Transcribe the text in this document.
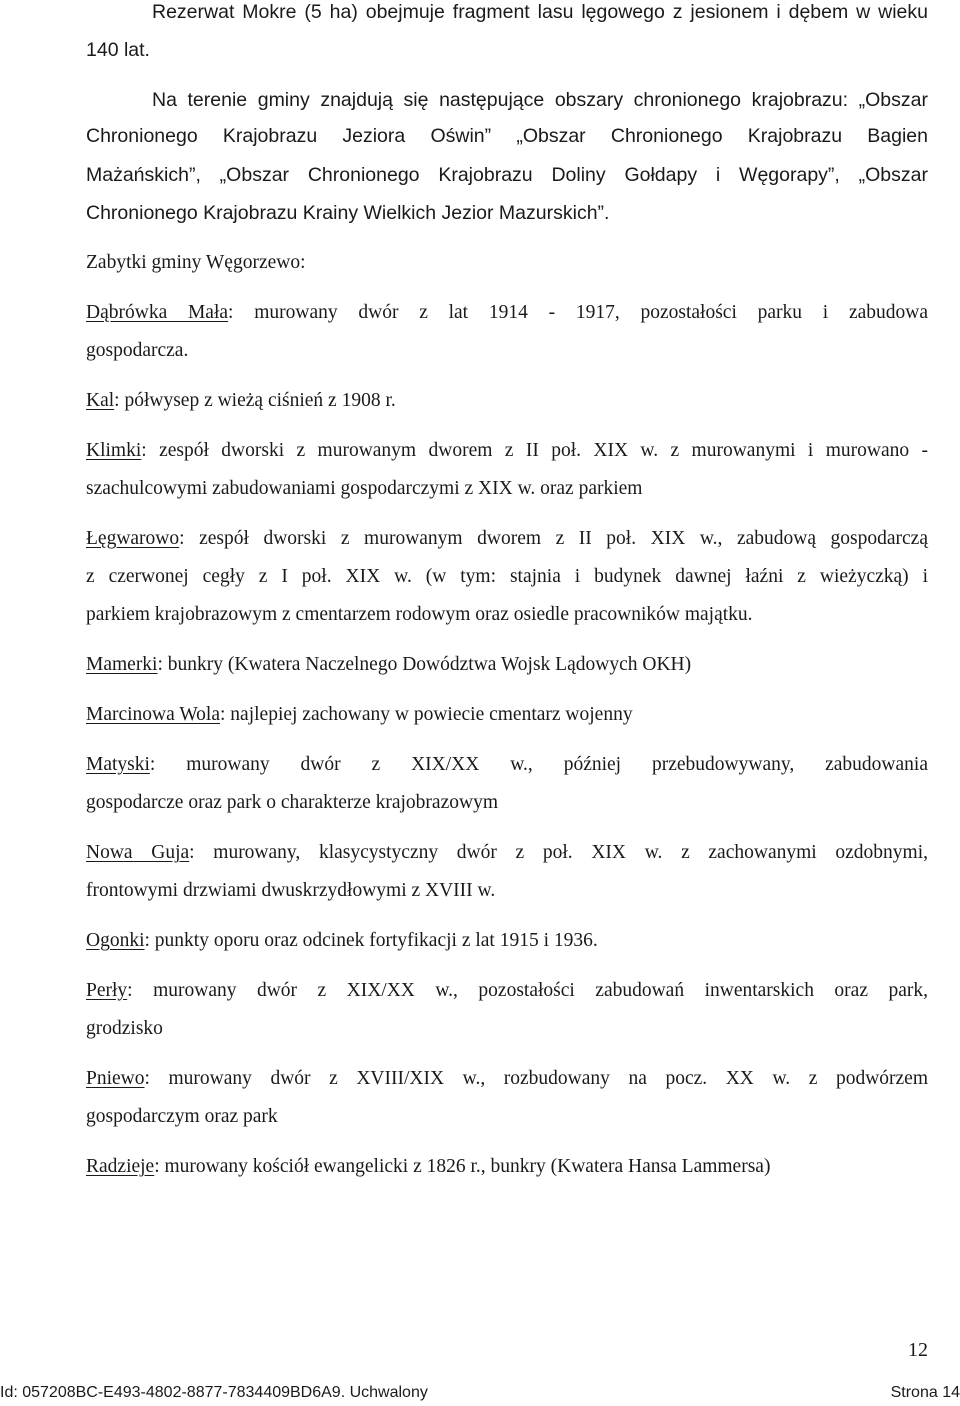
Rezerwat Mokre (5 ha) obejmuje fragment lasu lęgowego z jesionem i dębem w wieku
140 lat.
Na terenie gminy znajdują się następujące obszary chronionego krajobrazu: „Obszar
Chronionego Krajobrazu Jeziora Oświn” „Obszar Chronionego Krajobrazu Bagien
Mażańskich”, „Obszar Chronionego Krajobrazu Doliny Gołdapy i Węgorapy”, „Obszar
Chronionego Krajobrazu Krainy Wielkich Jezior Mazurskich”.
Zabytki gminy Węgorzewo:
Dąbrówka Mała: murowany dwór z lat 1914 - 1917, pozostałości parku i zabudowa
gospodarcza.
Kal: półwysep z wieżą ciśnień z 1908 r.
Klimki: zespół dworski z murowanym dworem z II poł. XIX w. z murowanymi i murowano -
szachulcowymi zabudowaniami gospodarczymi z XIX w. oraz parkiem
Łęgwarowo: zespół dworski z murowanym dworem z II poł. XIX w., zabudową gospodarczą
z czerwonej cegły z I poł. XIX w. (w tym: stajnia i budynek dawnej łaźni z wieżyczką) i
parkiem krajobrazowym z cmentarzem rodowym oraz osiedle pracowników majątku.
Mamerki: bunkry (Kwatera Naczelnego Dowództwa Wojsk Lądowych OKH)
Marcinowa Wola: najlepiej zachowany w powiecie cmentarz wojenny
Matyski: murowany dwór z XIX/XX w., później przebudowywany, zabudowania
gospodarcze oraz park o charakterze krajobrazowym
Nowa Guja: murowany, klasycystyczny dwór z poł. XIX w. z zachowanymi ozdobnymi,
frontowymi drzwiami dwuskrzydłowymi z XVIII w.
Ogonki: punkty oporu oraz odcinek fortyfikacji z lat 1915 i 1936.
Perły: murowany dwór z XIX/XX w., pozostałości zabudowań inwentarskich oraz park,
grodzisko
Pniewo: murowany dwór z XVIII/XIX w., rozbudowany na pocz. XX w. z podwórzem
gospodarczym oraz park
Radzieje: murowany kościół ewangelicki z 1826 r., bunkry (Kwatera Hansa Lammersa)
12
Id: 057208BC-E493-4802-8877-7834409BD6A9. Uchwalony	Strona 14
